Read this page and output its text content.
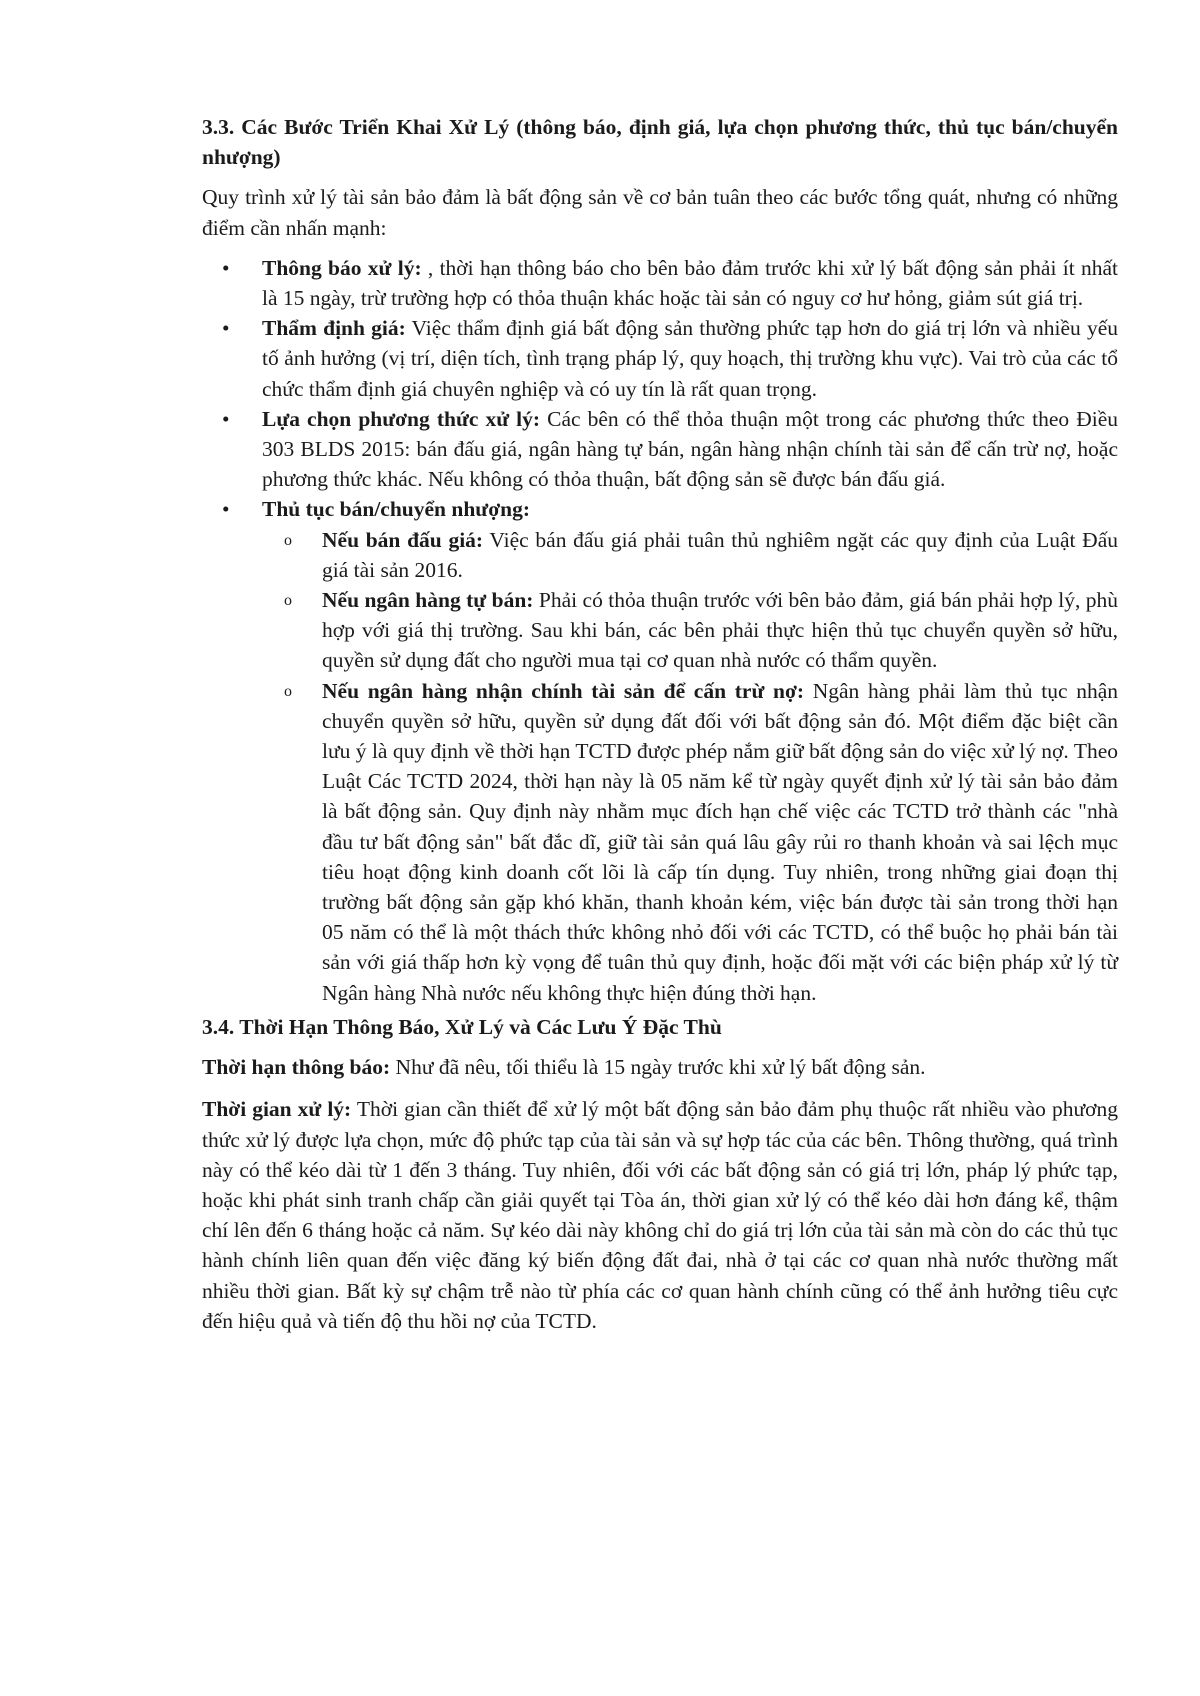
3.3. Các Bước Triển Khai Xử Lý (thông báo, định giá, lựa chọn phương thức, thủ tục bán/chuyển nhượng)

Quy trình xử lý tài sản bảo đảm là bất động sản về cơ bản tuân theo các bước tổng quát, nhưng có những điểm cần nhấn mạnh:

• Thông báo xử lý: , thời hạn thông báo cho bên bảo đảm trước khi xử lý bất động sản phải ít nhất là 15 ngày, trừ trường hợp có thỏa thuận khác hoặc tài sản có nguy cơ hư hỏng, giảm sút giá trị.
• Thẩm định giá: Việc thẩm định giá bất động sản thường phức tạp hơn do giá trị lớn và nhiều yếu tố ảnh hưởng (vị trí, diện tích, tình trạng pháp lý, quy hoạch, thị trường khu vực). Vai trò của các tổ chức thẩm định giá chuyên nghiệp và có uy tín là rất quan trọng.
• Lựa chọn phương thức xử lý: Các bên có thể thỏa thuận một trong các phương thức theo Điều 303 BLDS 2015: bán đấu giá, ngân hàng tự bán, ngân hàng nhận chính tài sản để cấn trừ nợ, hoặc phương thức khác. Nếu không có thỏa thuận, bất động sản sẽ được bán đấu giá.
• Thủ tục bán/chuyển nhượng:
o Nếu bán đấu giá: Việc bán đấu giá phải tuân thủ nghiêm ngặt các quy định của Luật Đấu giá tài sản 2016.
o Nếu ngân hàng tự bán: Phải có thỏa thuận trước với bên bảo đảm, giá bán phải hợp lý, phù hợp với giá thị trường. Sau khi bán, các bên phải thực hiện thủ tục chuyển quyền sở hữu, quyền sử dụng đất cho người mua tại cơ quan nhà nước có thẩm quyền.
o Nếu ngân hàng nhận chính tài sản để cấn trừ nợ: Ngân hàng phải làm thủ tục nhận chuyển quyền sở hữu, quyền sử dụng đất đối với bất động sản đó. Một điểm đặc biệt cần lưu ý là quy định về thời hạn TCTD được phép nắm giữ bất động sản do việc xử lý nợ. Theo Luật Các TCTD 2024, thời hạn này là 05 năm kể từ ngày quyết định xử lý tài sản bảo đảm là bất động sản. Quy định này nhằm mục đích hạn chế việc các TCTD trở thành các "nhà đầu tư bất động sản" bất đắc dĩ, giữ tài sản quá lâu gây rủi ro thanh khoản và sai lệch mục tiêu hoạt động kinh doanh cốt lõi là cấp tín dụng. Tuy nhiên, trong những giai đoạn thị trường bất động sản gặp khó khăn, thanh khoản kém, việc bán được tài sản trong thời hạn 05 năm có thể là một thách thức không nhỏ đối với các TCTD, có thể buộc họ phải bán tài sản với giá thấp hơn kỳ vọng để tuân thủ quy định, hoặc đối mặt với các biện pháp xử lý từ Ngân hàng Nhà nước nếu không thực hiện đúng thời hạn.
3.4. Thời Hạn Thông Báo, Xử Lý và Các Lưu Ý Đặc Thù

Thời hạn thông báo: Như đã nêu, tối thiểu là 15 ngày trước khi xử lý bất động sản.

Thời gian xử lý: Thời gian cần thiết để xử lý một bất động sản bảo đảm phụ thuộc rất nhiều vào phương thức xử lý được lựa chọn, mức độ phức tạp của tài sản và sự hợp tác của các bên. Thông thường, quá trình này có thể kéo dài từ 1 đến 3 tháng. Tuy nhiên, đối với các bất động sản có giá trị lớn, pháp lý phức tạp, hoặc khi phát sinh tranh chấp cần giải quyết tại Tòa án, thời gian xử lý có thể kéo dài hơn đáng kể, thậm chí lên đến 6 tháng hoặc cả năm. Sự kéo dài này không chỉ do giá trị lớn của tài sản mà còn do các thủ tục hành chính liên quan đến việc đăng ký biến động đất đai, nhà ở tại các cơ quan nhà nước thường mất nhiều thời gian. Bất kỳ sự chậm trễ nào từ phía các cơ quan hành chính cũng có thể ảnh hưởng tiêu cực đến hiệu quả và tiến độ thu hồi nợ của TCTD.
